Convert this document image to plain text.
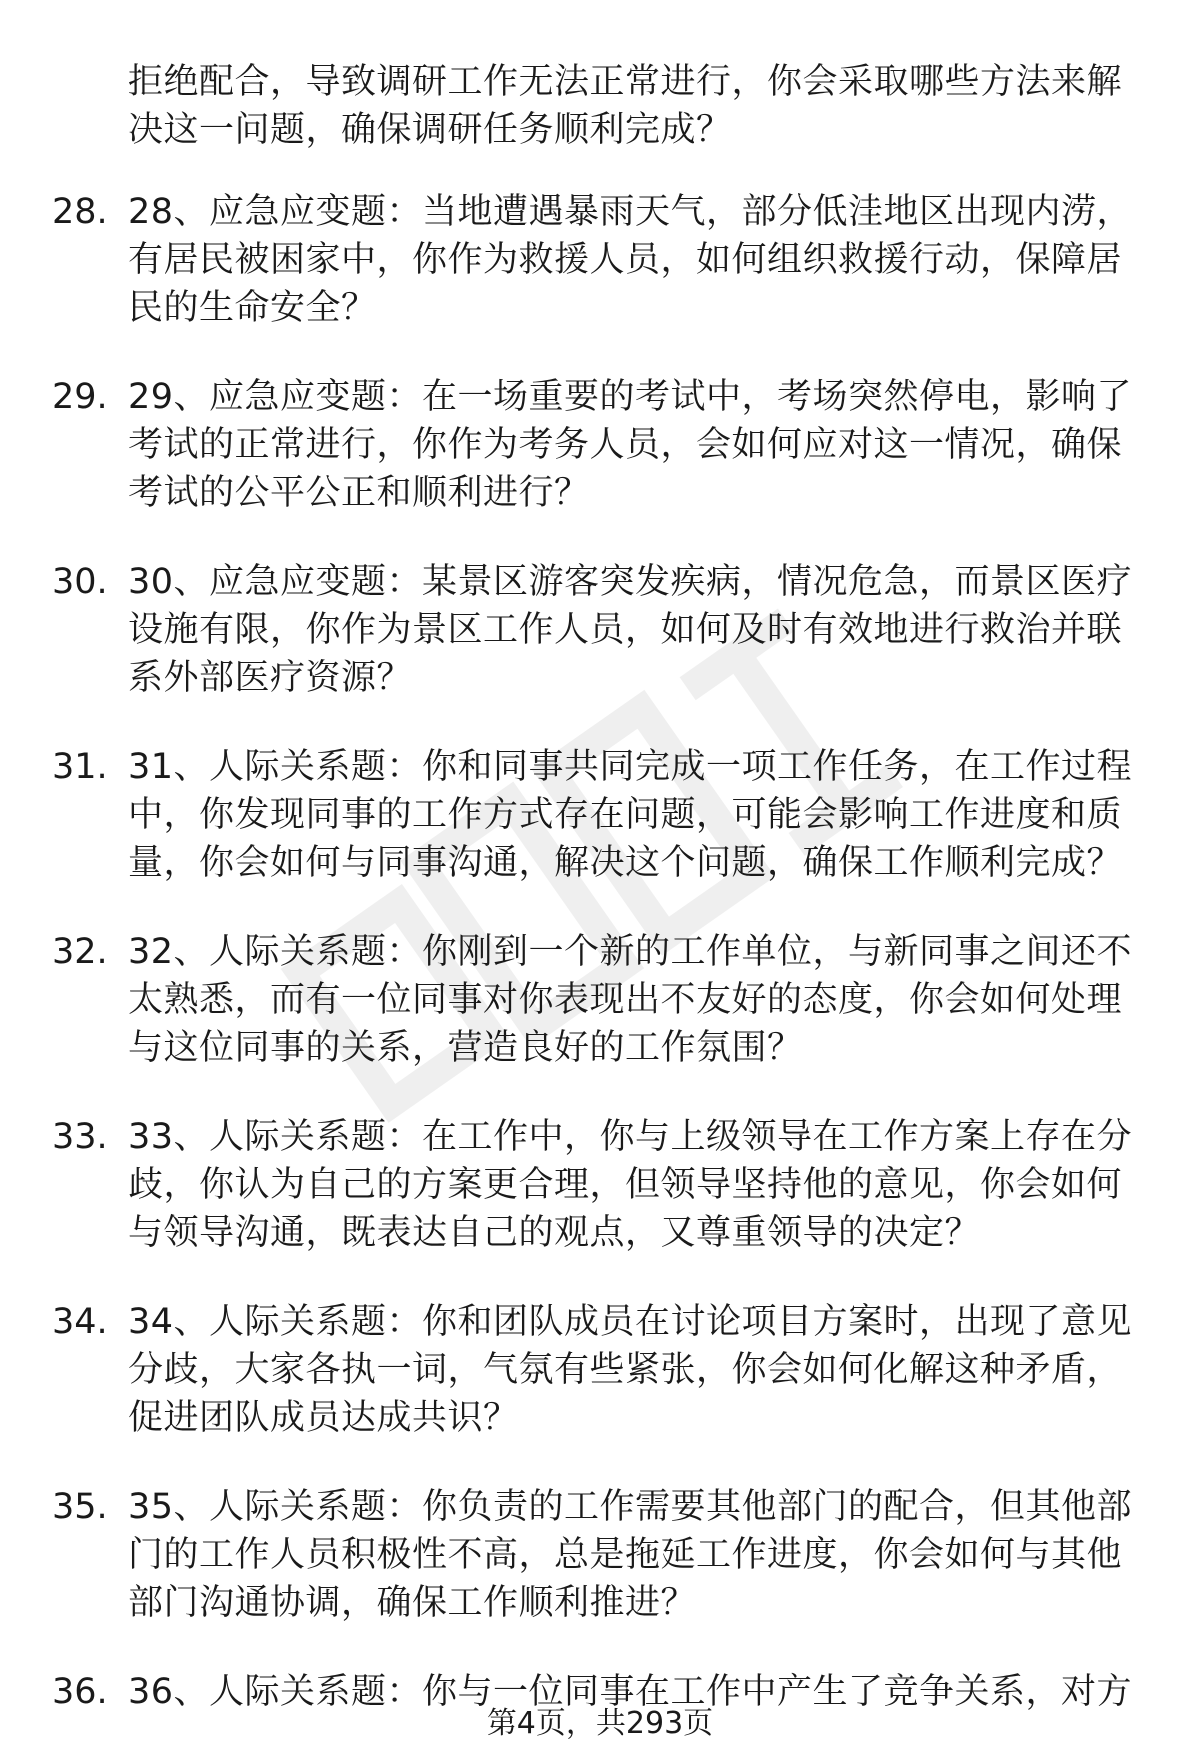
拒绝配合，导致调研工作无法正常进行，你会采取哪些方法来解决这一问题，确保调研任务顺利完成？
28. 28、应急应变题：当地遭遇暴雨天气，部分低洼地区出现内涝，有居民被困家中，你作为救援人员，如何组织救援行动，保障居民的生命安全？
29. 29、应急应变题：在一场重要的考试中，考场突然停电，影响了考试的正常进行，你作为考务人员，会如何应对这一情况，确保考试的公平公正和顺利进行？
30. 30、应急应变题：某景区游客突发疾病，情况危急，而景区医疗设施有限，你作为景区工作人员，如何及时有效地进行救治并联系外部医疗资源？
31. 31、人际关系题：你和同事共同完成一项工作任务，在工作过程中，你发现同事的工作方式存在问题，可能会影响工作进度和质量，你会如何与同事沟通，解决这个问题，确保工作顺利完成？
32. 32、人际关系题：你刚到一个新的工作单位，与新同事之间还不太熟悉，而有一位同事对你表现出不友好的态度，你会如何处理与这位同事的关系，营造良好的工作氛围？
33. 33、人际关系题：在工作中，你与上级领导在工作方案上存在分歧，你认为自己的方案更合理，但领导坚持他的意见，你会如何与领导沟通，既表达自己的观点，又尊重领导的决定？
34. 34、人际关系题：你和团队成员在讨论项目方案时，出现了意见分歧，大家各执一词，气氛有些紧张，你会如何化解这种矛盾，促进团队成员达成共识？
35. 35、人际关系题：你负责的工作需要其他部门的配合，但其他部门的工作人员积极性不高，总是拖延工作进度，你会如何与其他部门沟通协调，确保工作顺利推进？
36. 36、人际关系题：你与一位同事在工作中产生了竞争关系，对方
第4页，共293页
